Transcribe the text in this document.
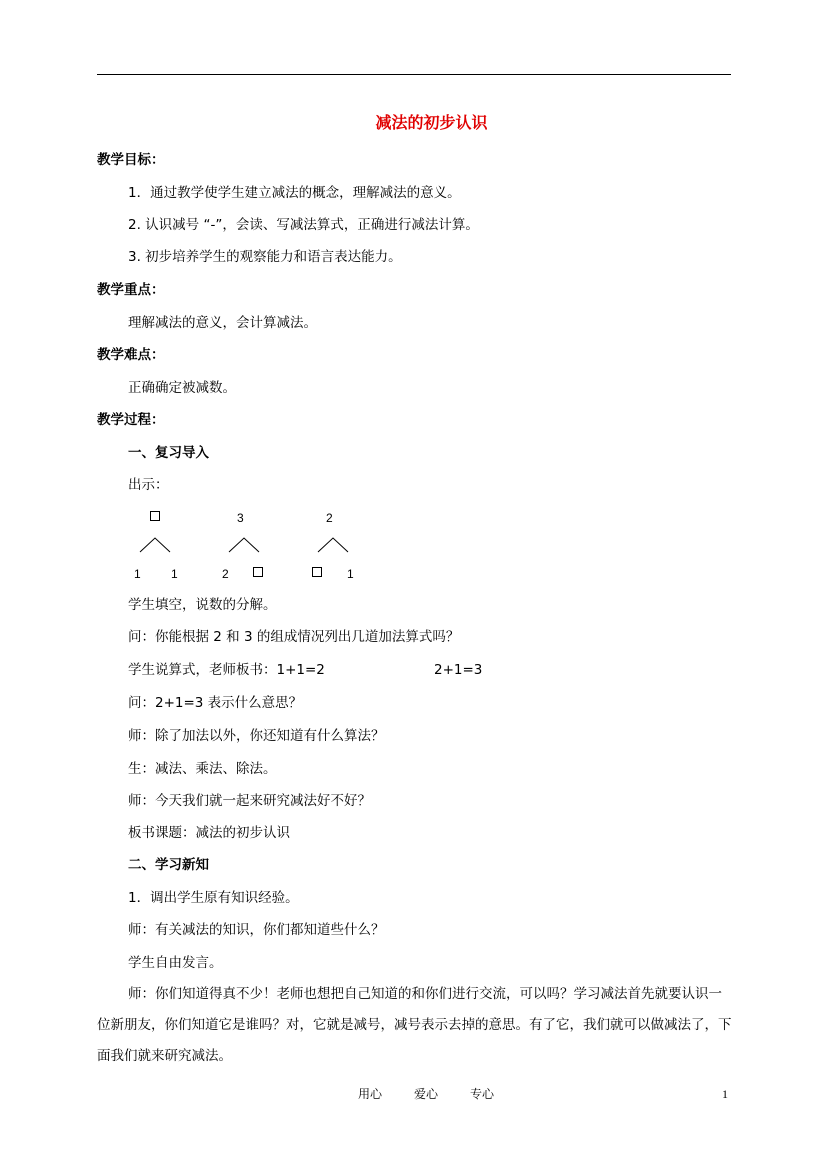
减法的初步认识
教学目标：
1．通过教学使学生建立减法的概念，理解减法的意义。
2. 认识减号 “-”，会读、写减法算式，正确进行减法计算。
3. 初步培养学生的观察能力和语言表达能力。
教学重点：
理解减法的意义，会计算减法。
教学难点：
正确确定被减数。
教学过程：
一、复习导入
出示：
1	1
3
2
2
1
学生填空，说数的分解。
问：你能根据 2 和 3 的组成情况列出几道加法算式吗？
学生说算式，老师板书：1+1=2	2+1=3
问：2+1=3 表示什么意思？
师：除了加法以外，你还知道有什么算法？
生：减法、乘法、除法。
师：今天我们就一起来研究减法好不好？
板书课题：减法的初步认识
二、学习新知
1．调出学生原有知识经验。
师：有关减法的知识，你们都知道些什么？
学生自由发言。
师：你们知道得真不少！老师也想把自己知道的和你们进行交流，可以吗？学习减法首先就要认识一位新朋友，你们知道它是谁吗？对，它就是减号，减号表示去掉的意思。有了它，我们就可以做减法了，下面我们就来研究减法。
用心	爱心	专心	1
